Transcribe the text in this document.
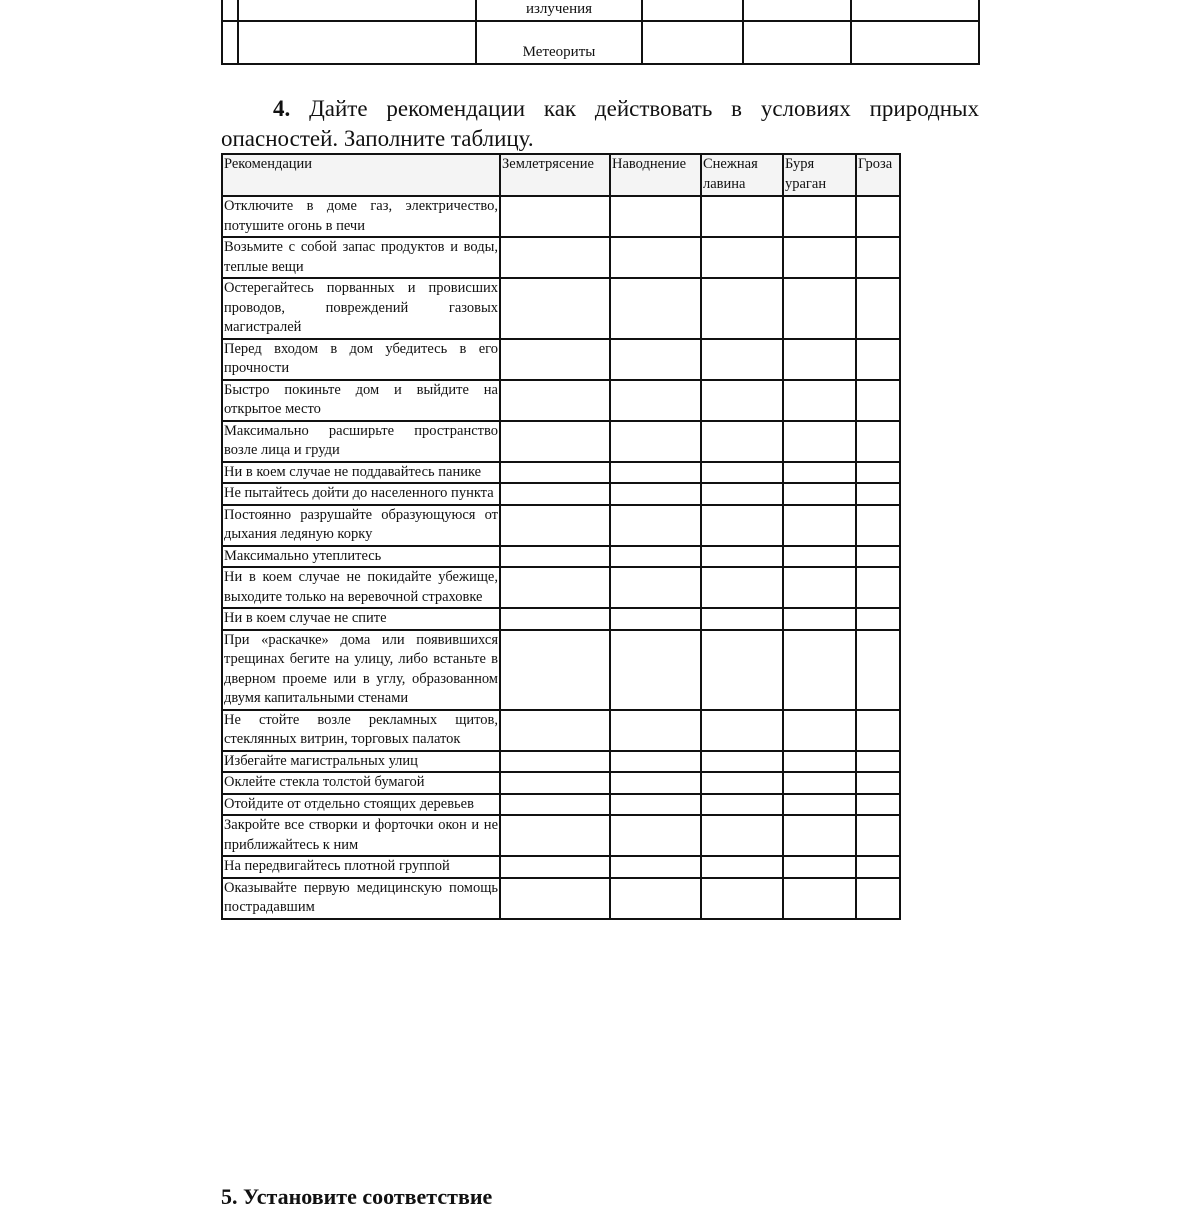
		излучения			

		Метеориты			

4. Дайте рекомендации как действовать в условиях природных опасностей. Заполните таблицу.
Рекомендации	Землетрясение	Наводнение	Снежная лавина	Буря ураган	Гроза
Отключите в доме газ, электричество, потушите огонь в печи					
Возьмите с собой запас продуктов и воды, теплые вещи					
Остерегайтесь порванных и провисших проводов, повреждений газовых магистралей					
Перед входом в дом убедитесь в его прочности					
Быстро покиньте дом и выйдите на открытое место					
Максимально расширьте пространство возле лица и груди					
Ни в коем случае не поддавайтесь панике					
Не пытайтесь дойти до населенного пункта					
Постоянно разрушайте образующуюся от дыхания ледяную корку					
Максимально утеплитесь					
Ни в коем случае не покидайте убежище, выходите только на веревочной страховке					
Ни в коем случае не спите					
При «раскачке» дома или появившихся трещинах бегите на улицу, либо встаньте в дверном проеме или в углу, образованном двумя капитальными стенами					
Не стойте возле рекламных щитов, стеклянных витрин, торговых палаток					
Избегайте магистральных улиц					
Оклейте стекла толстой бумагой					
Отойдите от отдельно стоящих деревьев					
Закройте все створки и форточки окон и не приближайтесь к ним					
На передвигайтесь плотной группой					
Оказывайте первую медицинскую помощь пострадавшим					
5. Установите соответствие
